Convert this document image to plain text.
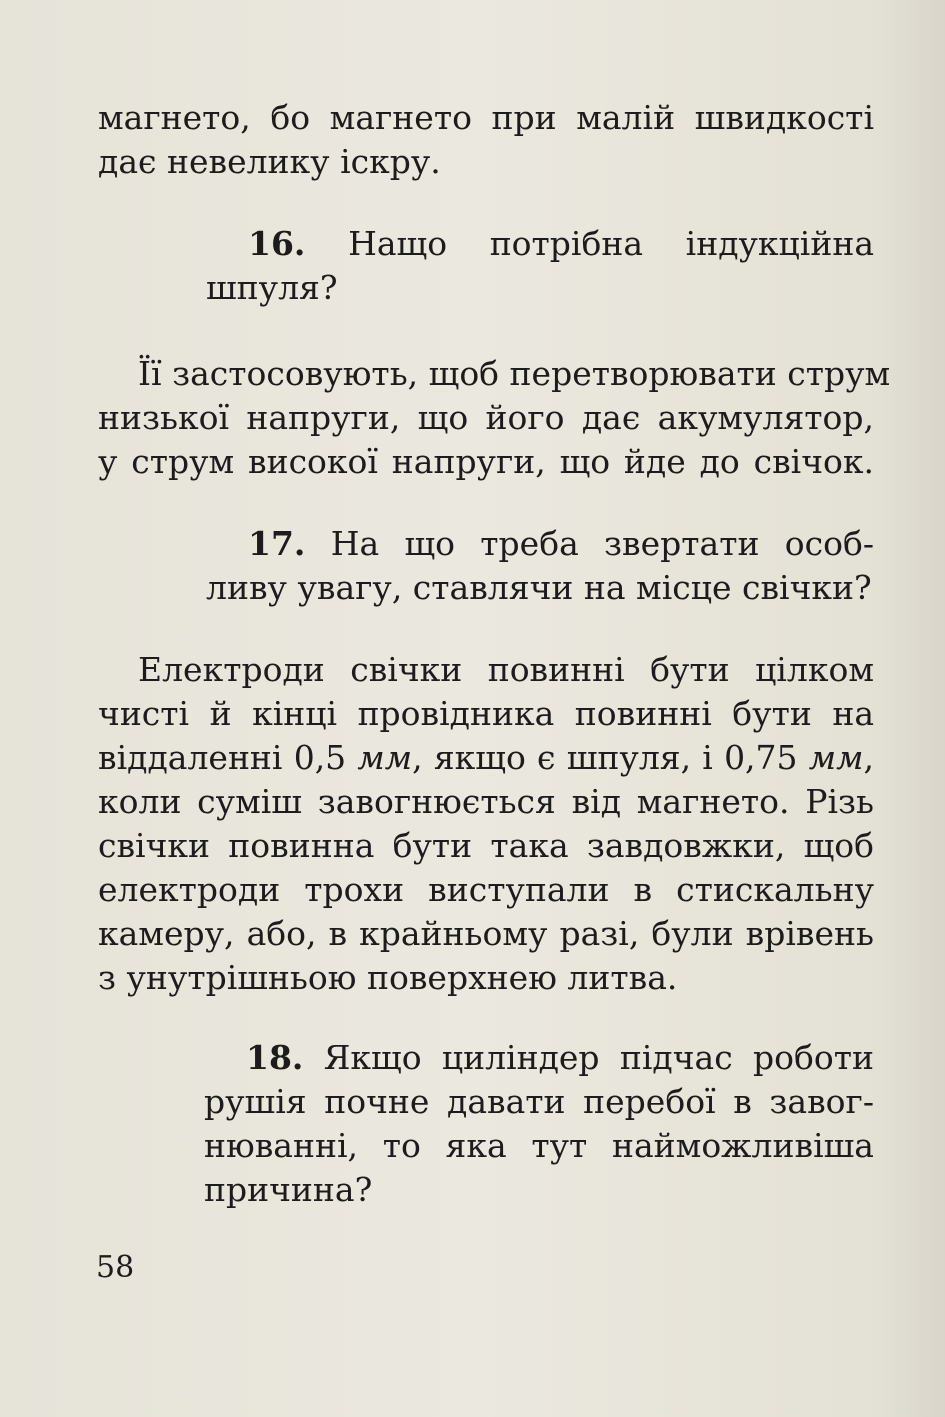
магнето, бо магнето при малій швидкості
дає невелику іскру.
16. Нащо потрібна індукційна
шпуля?
Її застосовують, щоб перетворювати струм
низької напруги, що його дає акумулятор,
у струм високої напруги, що йде до свічок.
17. На що треба звертати особ-
ливу увагу, ставлячи на місце свічки?
Електроди свічки повинні бути цілком
чисті й кінці провідника повинні бути на
віддаленні 0,5 мм, якщо є шпуля, і 0,75 мм,
коли суміш завогнюється від магнето. Різь
свічки повинна бути така завдовжки, щоб
електроди трохи виступали в стискальну
камеру, або, в крайньому разі, були врівень
з унутрішньою поверхнею литва.
18. Якщо циліндер підчас роботи
рушія почне давати перебої в завог-
нюванні, то яка тут найможливіша
причина?
58
